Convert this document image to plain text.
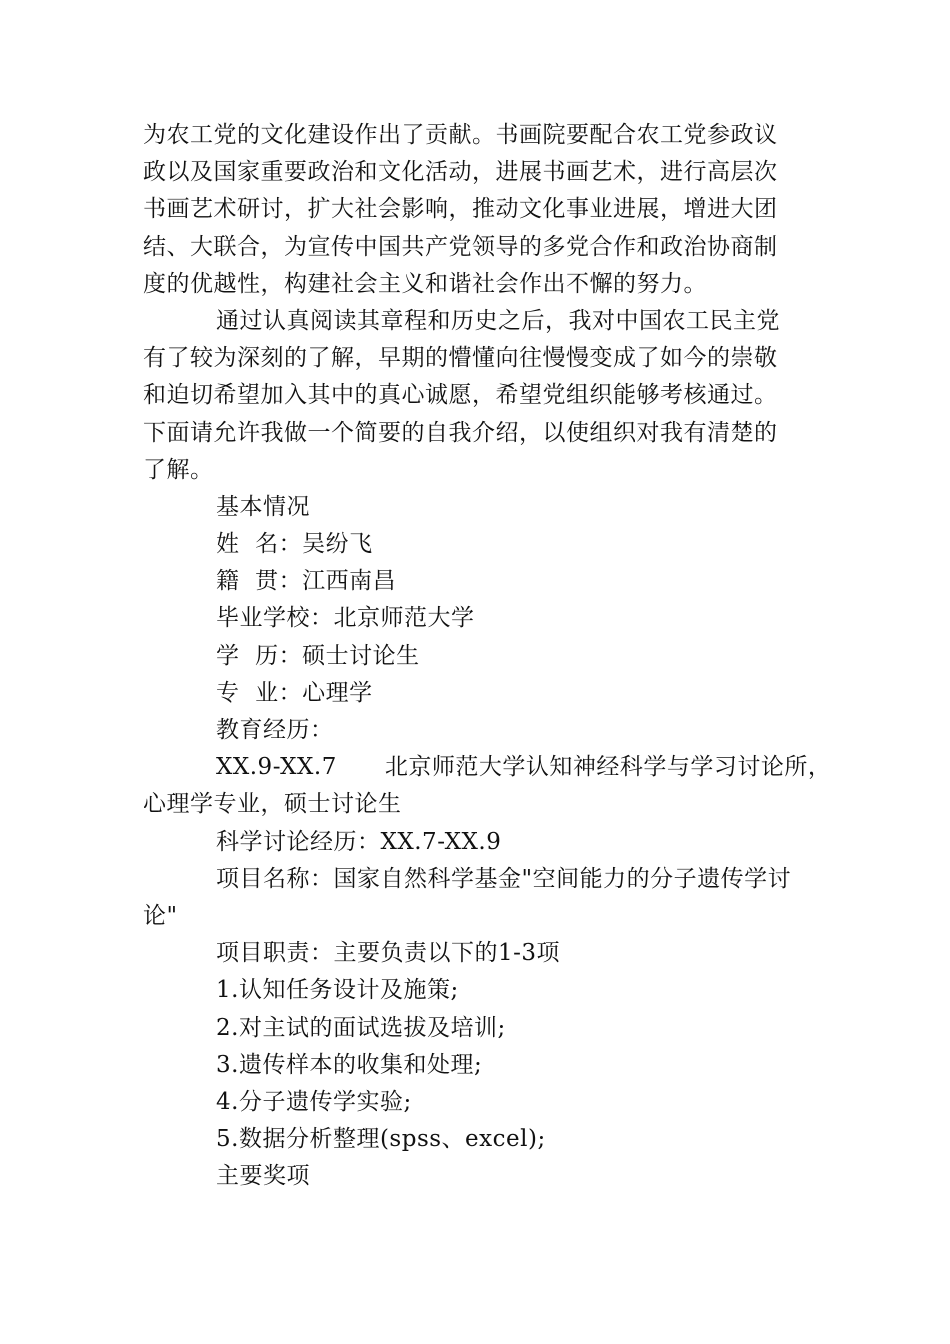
为农工党的文化建设作出了贡献。书画院要配合农工党参政议
政以及国家重要政治和文化活动，进展书画艺术，进行高层次
书画艺术研讨，扩大社会影响，推动文化事业进展，增进大团
结、大联合，为宣传中国共产党领导的多党合作和政治协商制
度的优越性，构建社会主义和谐社会作出不懈的努力。
通过认真阅读其章程和历史之后，我对中国农工民主党
有了较为深刻的了解，早期的懵懂向往慢慢变成了如今的崇敬
和迫切希望加入其中的真心诚愿，希望党组织能够考核通过。
下面请允许我做一个简要的自我介绍，以使组织对我有清楚的
了解。
基本情况
姓  名：吴纷飞
籍  贯：江西南昌
毕业学校：北京师范大学
学  历：硕士讨论生
专  业：心理学
教育经历：
XX.9-XX.7 北京师范大学认知神经科学与学习讨论所，
心理学专业，硕士讨论生
科学讨论经历：XX.7-XX.9
项目名称：国家自然科学基金"空间能力的分子遗传学讨
论"
项目职责：主要负责以下的1-3项
1.认知任务设计及施策;
2.对主试的面试选拔及培训;
3.遗传样本的收集和处理;
4.分子遗传学实验;
5.数据分析整理(spss、excel);
主要奖项
